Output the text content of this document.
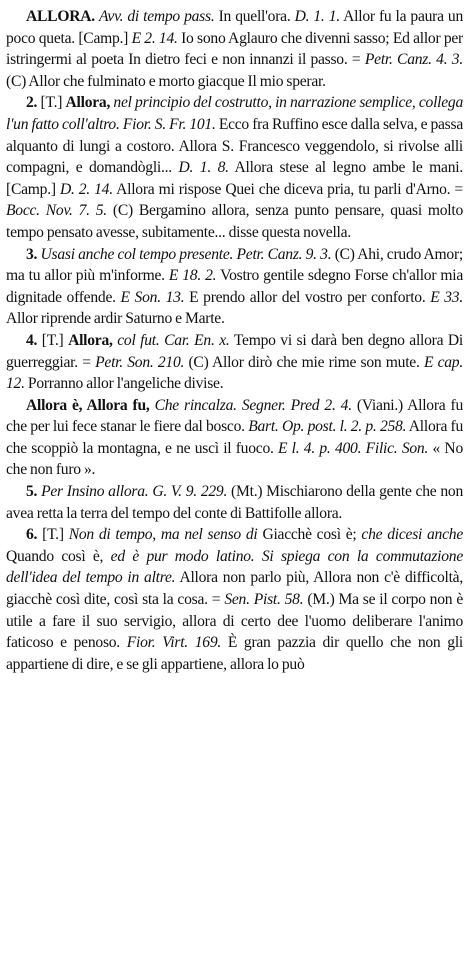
ALLORA. Avv. di tempo pass. In quell'ora. D. 1. 1. Allor fu la paura un poco queta. [Camp.] E 2. 14. Io sono Aglauro che divenni sasso; Ed allor per istringermi al poeta In dietro feci e non innanzi il passo. = Petr. Canz. 4. 3. (C) Allor che fulminato e morto giacque Il mio sperar.

2. [T.] Allora, nel principio del costrutto, in narrazione semplice, collega l'un fatto coll'altro. Fior. S. Fr. 101. Ecco fra Ruffino esce dalla selva, e passa alquanto di lungi a costoro. Allora S. Francesco veggendolo, si rivolse alli compagni, e domandògli... D. 1. 8. Allora stese al legno ambe le mani. [Camp.] D. 2. 14. Allora mi rispose Quei che diceva pria, tu parli d'Arno. = Bocc. Nov. 7. 5. (C) Bergamino allora, senza punto pensare, quasi molto tempo pensato avesse, subitamente... disse questa novella.

3. Usasi anche col tempo presente. Petr. Canz. 9. 3. (C) Ahi, crudo Amor; ma tu allor più m'informe. E 18. 2. Vostro gentile sdegno Forse ch'allor mia dignitade offende. E Son. 13. E prendo allor del vostro per conforto. E 33. Allor riprende ardir Saturno e Marte.

4. [T.] Allora, col fut. Car. En. x. Tempo vi si darà ben degno allora Di guerreggiar. = Petr. Son. 210. (C) Allor dirò che mie rime son mute. E cap. 12. Porranno allor l'angeliche divise.

Allora è, Allora fu, Che rincalza. Segner. Pred 2. 4. (Viani.) Allora fu che per lui fece stanar le fiere dal bosco. Bart. Op. post. l. 2. p. 258. Allora fu che scoppiò la montagna, e ne uscì il fuoco. E l. 4. p. 400. Filic. Son. « No che non furo ».

5. Per Insino allora. G. V. 9. 229. (Mt.) Mischiarono della gente che non avea retta la terra del tempo del conte di Battifolle allora.

6. [T.] Non di tempo, ma nel senso di Giacchè così è; che dicesi anche Quando così è, ed è pur modo latino. Si spiega con la commutazione dell'idea del tempo in altre. Allora non parlo più, Allora non c'è difficoltà, giacchè così dite, così sta la cosa. = Sen. Pist. 58. (M.) Ma se il corpo non è utile a fare il suo servigio, allora di certo dee l'uomo deliberare l'animo faticoso e penoso. Fior. Virt. 169. È gran pazzia dir quello che non gli appartiene di dire, e se gli appartiene, allora lo può
